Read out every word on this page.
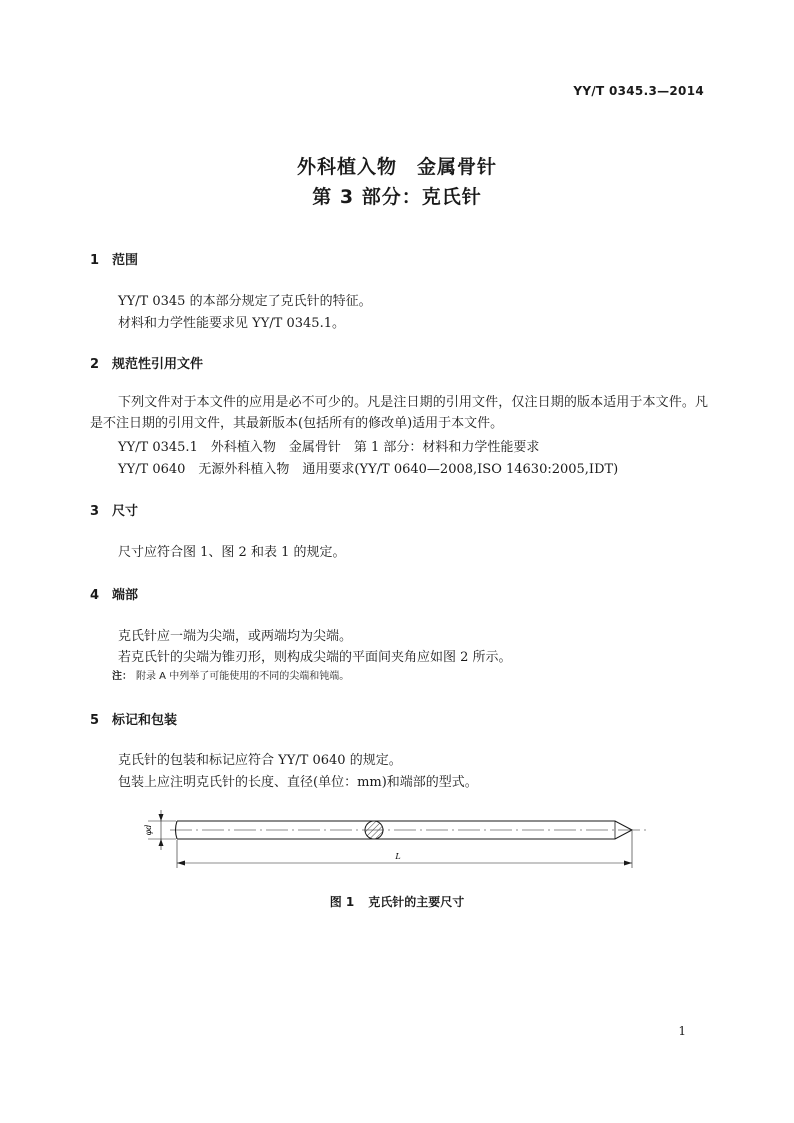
YY/T 0345.3—2014
外科植入物　金属骨针
第 3 部分：克氏针
1 范围
YY/T 0345 的本部分规定了克氏针的特征。
材料和力学性能要求见 YY/T 0345.1。
2 规范性引用文件
下列文件对于本文件的应用是必不可少的。凡是注日期的引用文件，仅注日期的版本适用于本文件。凡是不注日期的引用文件，其最新版本(包括所有的修改单)适用于本文件。
YY/T 0345.1　外科植入物　金属骨针　第 1 部分：材料和力学性能要求
YY/T 0640　无源外科植入物　通用要求(YY/T 0640—2008,ISO 14630:2005,IDT)
3 尺寸
尺寸应符合图 1、图 2 和表 1 的规定。
4 端部
克氏针应一端为尖端，或两端均为尖端。
若克氏针的尖端为锥刃形，则构成尖端的平面间夹角应如图 2 所示。
注： 附录 A 中列举了可能使用的不同的尖端和钝端。
5 标记和包装
克氏针的包装和标记应符合 YY/T 0640 的规定。
包装上应注明克氏针的长度、直径(单位：mm)和端部的型式。
φd
L
图 1 克氏针的主要尺寸
1
